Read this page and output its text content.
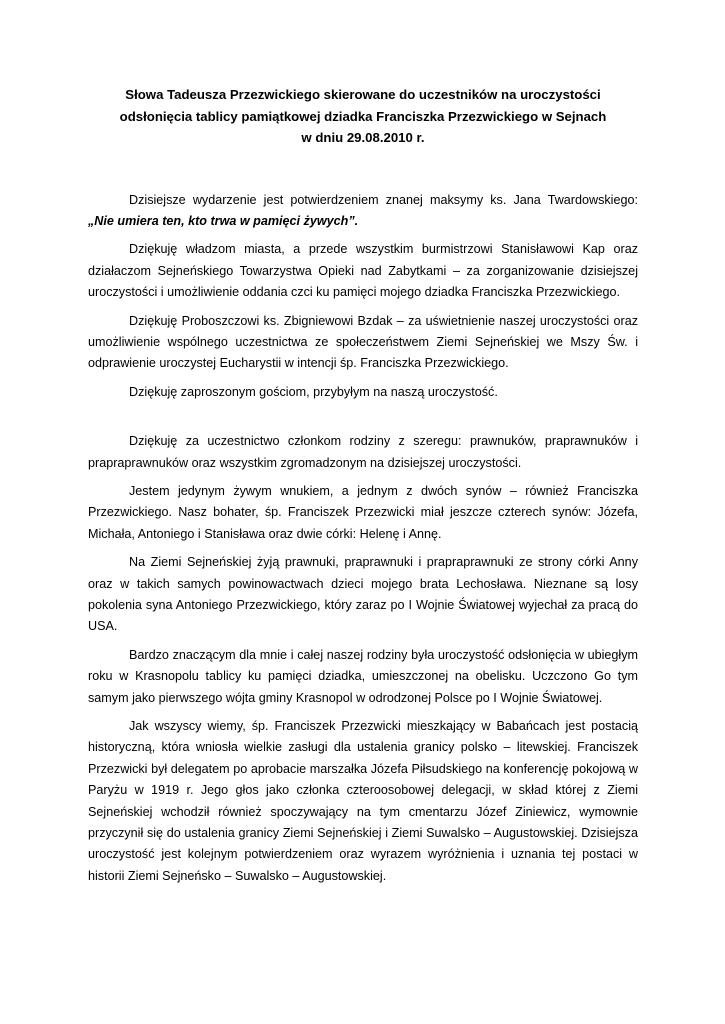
Słowa Tadeusza Przezwickiego skierowane do uczestników na uroczystości
odsłonięcia tablicy pamiątkowej dziadka Franciszka Przezwickiego w Sejnach
w dniu 29.08.2010 r.

Dzisiejsze wydarzenie jest potwierdzeniem znanej maksymy ks. Jana Twardowskiego: „Nie umiera ten, kto trwa w pamięci żywych”.

Dziękuję władzom miasta, a przede wszystkim burmistrzowi Stanisławowi Kap oraz działaczom Sejneńskiego Towarzystwa Opieki nad Zabytkami – za zorganizowanie dzisiejszej uroczystości i umożliwienie oddania czci ku pamięci mojego dziadka Franciszka Przezwickiego.

Dziękuję Proboszczowi ks. Zbigniewowi Bzdak – za uświetnienie naszej uroczystości oraz umożliwienie wspólnego uczestnictwa ze społeczeństwem Ziemi Sejneńskiej we Mszy Św. i odprawienie uroczystej Eucharystii w intencji śp. Franciszka Przezwickiego.

Dziękuję zaproszonym gościom, przybyłym na naszą uroczystość.

Dziękuję za uczestnictwo członkom rodziny z szeregu: prawnuków, praprawnuków i prapraprawnuków oraz wszystkim zgromadzonym na dzisiejszej uroczystości.

Jestem jedynym żywym wnukiem, a jednym z dwóch synów – również Franciszka Przezwickiego. Nasz bohater, śp. Franciszek Przezwicki miał jeszcze czterech synów: Józefa, Michała, Antoniego i Stanisława oraz dwie córki: Helenę i Annę.

Na Ziemi Sejneńskiej żyją prawnuki, praprawnuki i prapraprawnuki ze strony córki Anny oraz w takich samych powinowactwach dzieci mojego brata Lechosława. Nieznane są losy pokolenia syna Antoniego Przezwickiego, który zaraz po I Wojnie Światowej wyjechał za pracą do USA.

Bardzo znaczącym dla mnie i całej naszej rodziny była uroczystość odsłonięcia w ubiegłym roku w Krasnopolu tablicy ku pamięci dziadka, umieszczonej na obelisku. Uczczono Go tym samym jako pierwszego wójta gminy Krasnopol w odrodzonej Polsce po I Wojnie Światowej.

Jak wszyscy wiemy, śp. Franciszek Przezwicki mieszkający w Babańcach jest postacią historyczną, która wniosła wielkie zasługi dla ustalenia granicy polsko – litewskiej. Franciszek Przezwicki był delegatem po aprobacie marszałka Józefa Piłsudskiego na konferencję pokojową w Paryżu w 1919 r. Jego głos jako członka czteroosobowej delegacji, w skład której z Ziemi Sejneńskiej wchodził również spoczywający na tym cmentarzu Józef Ziniewicz, wymownie przyczynił się do ustalenia granicy Ziemi Sejneńskiej i Ziemi Suwalsko – Augustowskiej. Dzisiejsza uroczystość jest kolejnym potwierdzeniem oraz wyrazem wyróżnienia i uznania tej postaci w historii Ziemi Sejneńsko – Suwalsko – Augustowskiej.
